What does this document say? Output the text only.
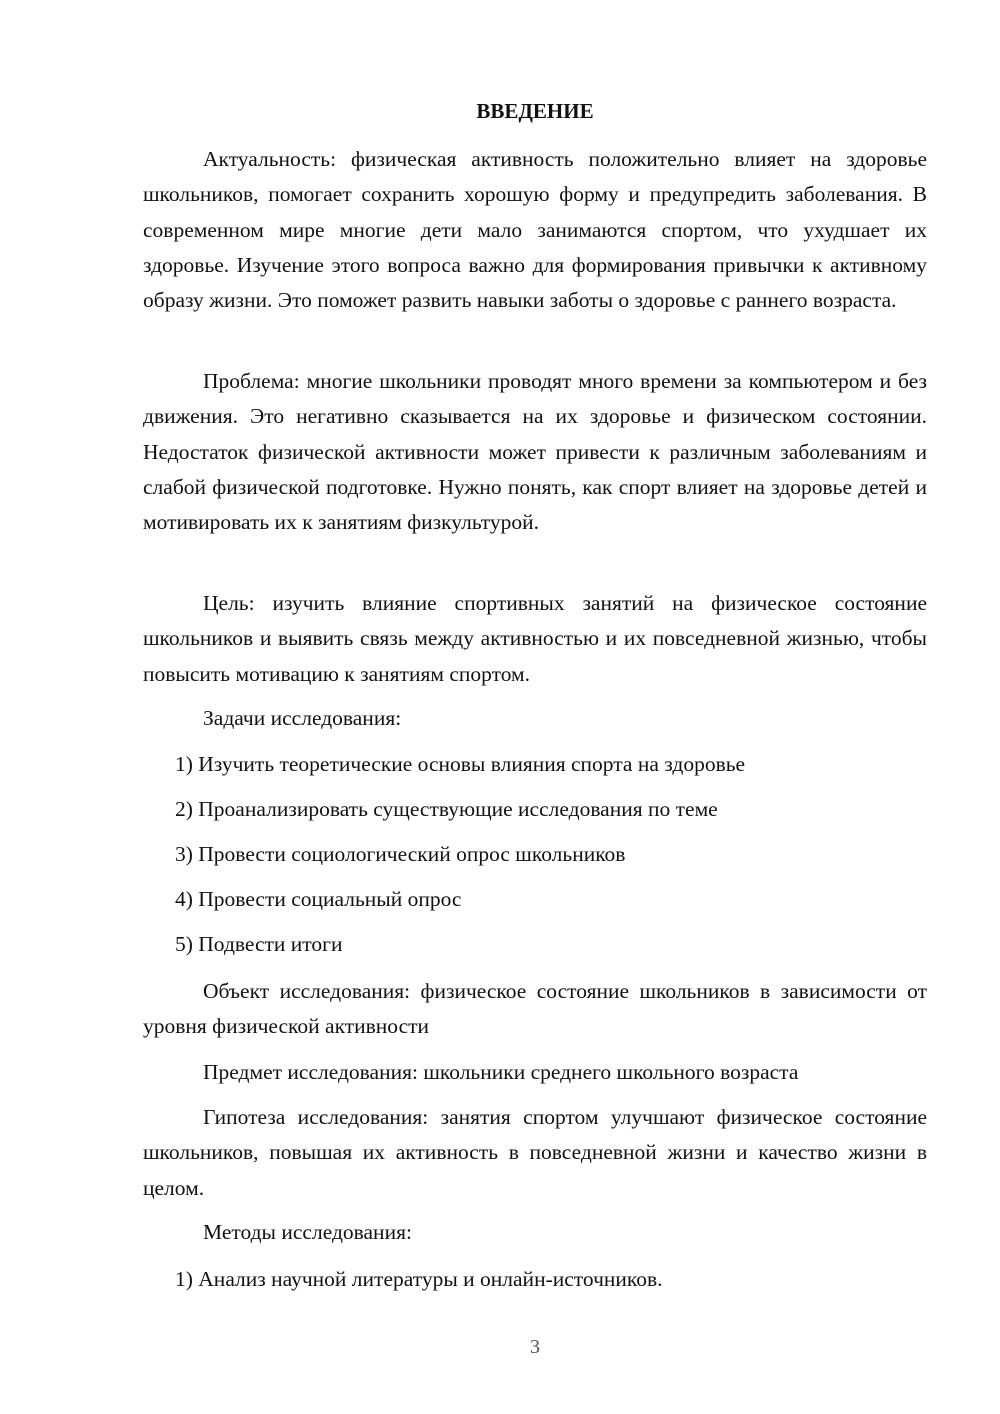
ВВЕДЕНИЕ

Актуальность: физическая активность положительно влияет на здоровье школьников, помогает сохранить хорошую форму и предупредить заболевания. В современном мире многие дети мало занимаются спортом, что ухудшает их здоровье. Изучение этого вопроса важно для формирования привычки к активному образу жизни. Это поможет развить навыки заботы о здоровье с раннего возраста.

Проблема: многие школьники проводят много времени за компьютером и без движения. Это негативно сказывается на их здоровье и физическом состоянии. Недостаток физической активности может привести к различным заболеваниям и слабой физической подготовке. Нужно понять, как спорт влияет на здоровье детей и мотивировать их к занятиям физкультурой.

Цель: изучить влияние спортивных занятий на физическое состояние школьников и выявить связь между активностью и их повседневной жизнью, чтобы повысить мотивацию к занятиям спортом.

Задачи исследования:

1) Изучить теоретические основы влияния спорта на здоровье

2) Проанализировать существующие исследования по теме

3) Провести социологический опрос школьников

4) Провести социальный опрос

5) Подвести итоги

Объект исследования: физическое состояние школьников в зависимости от уровня физической активности

Предмет исследования: школьники среднего школьного возраста

Гипотеза исследования: занятия спортом улучшают физическое состояние школьников, повышая их активность в повседневной жизни и качество жизни в целом.

Методы исследования:

1) Анализ научной литературы и онлайн-источников.

3
